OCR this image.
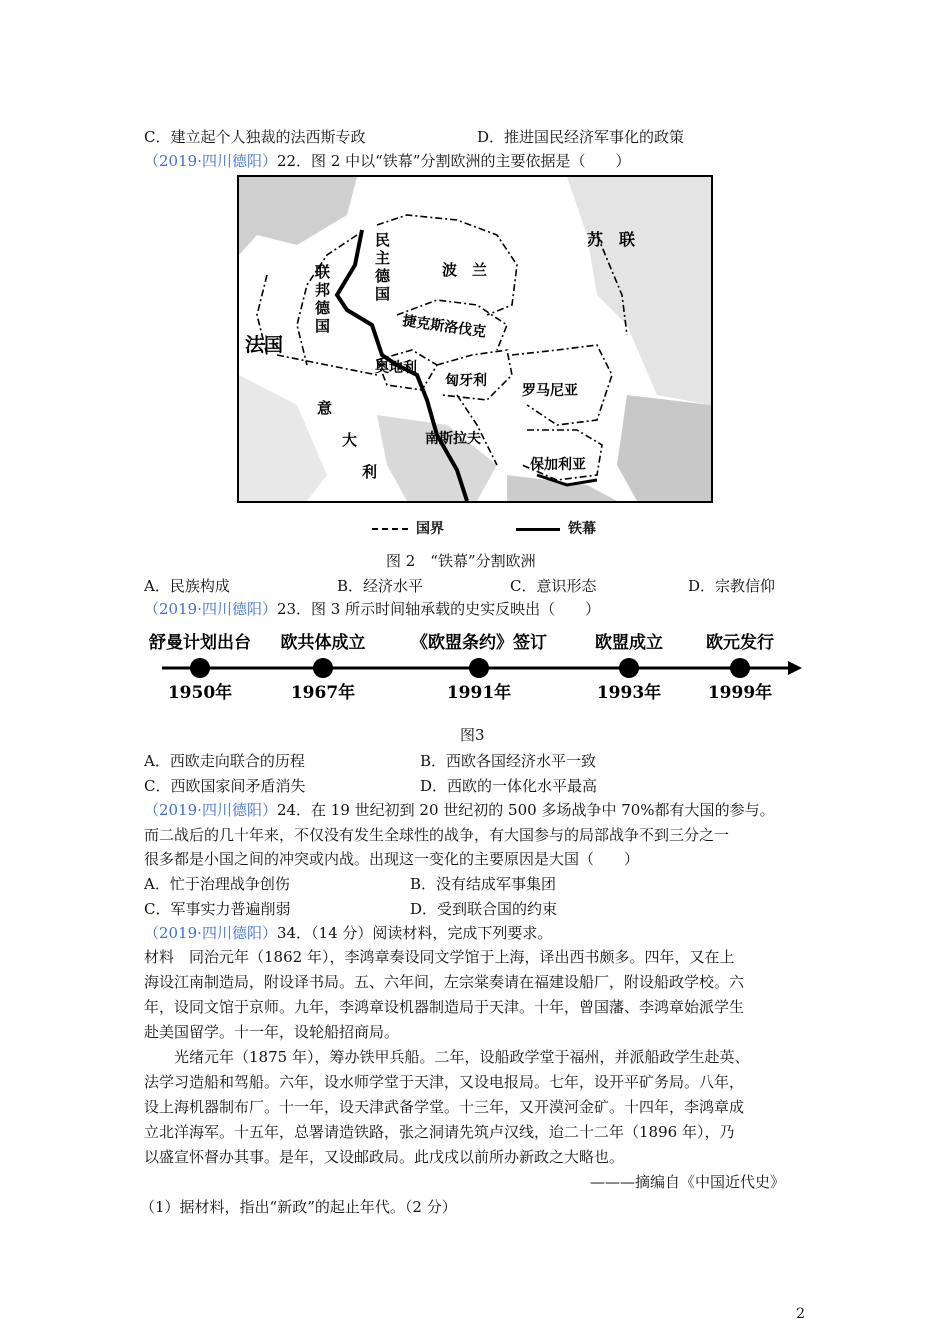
C．建立起个人独裁的法西斯专政	D．推进国民经济军事化的政策
（2019·四川德阳）22．图 2 中以“铁幕”分割欧洲的主要依据是（　　）
苏　联
民
主
德
国
联
邦
德
国
法国
波　兰
捷克斯洛伐克
奥地利
匈牙利
罗马尼亚
意
大
利
南斯拉夫
保加利亚
国界	铁幕
图 2　“铁幕”分割欧洲
A．民族构成	B．经济水平	C．意识形态	D．宗教信仰
（2019·四川德阳）23．图 3 所示时间轴承载的史实反映出（　　）
舒曼计划出台 欧共体成立	《欧盟条约》签订	欧盟成立	欧元发行
1950年	1967年	1991年	1993年	1999年
图3
A．西欧走向联合的历程	B．西欧各国经济水平一致
C．西欧国家间矛盾消失	D．西欧的一体化水平最高
（2019·四川德阳）24．在 19 世纪初到 20 世纪初的 500 多场战争中 70%都有大国的参与。
而二战后的几十年来，不仅没有发生全球性的战争，有大国参与的局部战争不到三分之一
很多都是小国之间的冲突或内战。出现这一变化的主要原因是大国（　　）
A．忙于治理战争创伤	B．没有结成军事集团
C．军事实力普遍削弱	D．受到联合国的约束
（2019·四川德阳）34．（14 分）阅读材料，完成下列要求。
材料　同治元年（1862 年），李鸿章奏设同文学馆于上海，译出西书颇多。四年，又在上
海设江南制造局，附设译书局。五、六年间，左宗棠奏请在福建设船厂，附设船政学校。六
年，设同文馆于京师。九年，李鸿章设机器制造局于天津。十年，曾国藩、李鸿章始派学生
赴美国留学。十一年，设轮船招商局。
　　光绪元年（1875 年），筹办铁甲兵船。二年，设船政学堂于福州，并派船政学生赴英、
法学习造船和驾船。六年，设水师学堂于天津，又设电报局。七年，设开平矿务局。八年，
设上海机器制布厂。十一年，设天津武备学堂。十三年，又开漠河金矿。十四年，李鸿章成
立北洋海军。十五年，总署请造铁路，张之洞请先筑卢汉线，迨二十二年（1896 年），乃
以盛宣怀督办其事。是年，又设邮政局。此戊戌以前所办新政之大略也。
———摘编自《中国近代史》
（1）据材料，指出“新政”的起止年代。（2 分）
2
